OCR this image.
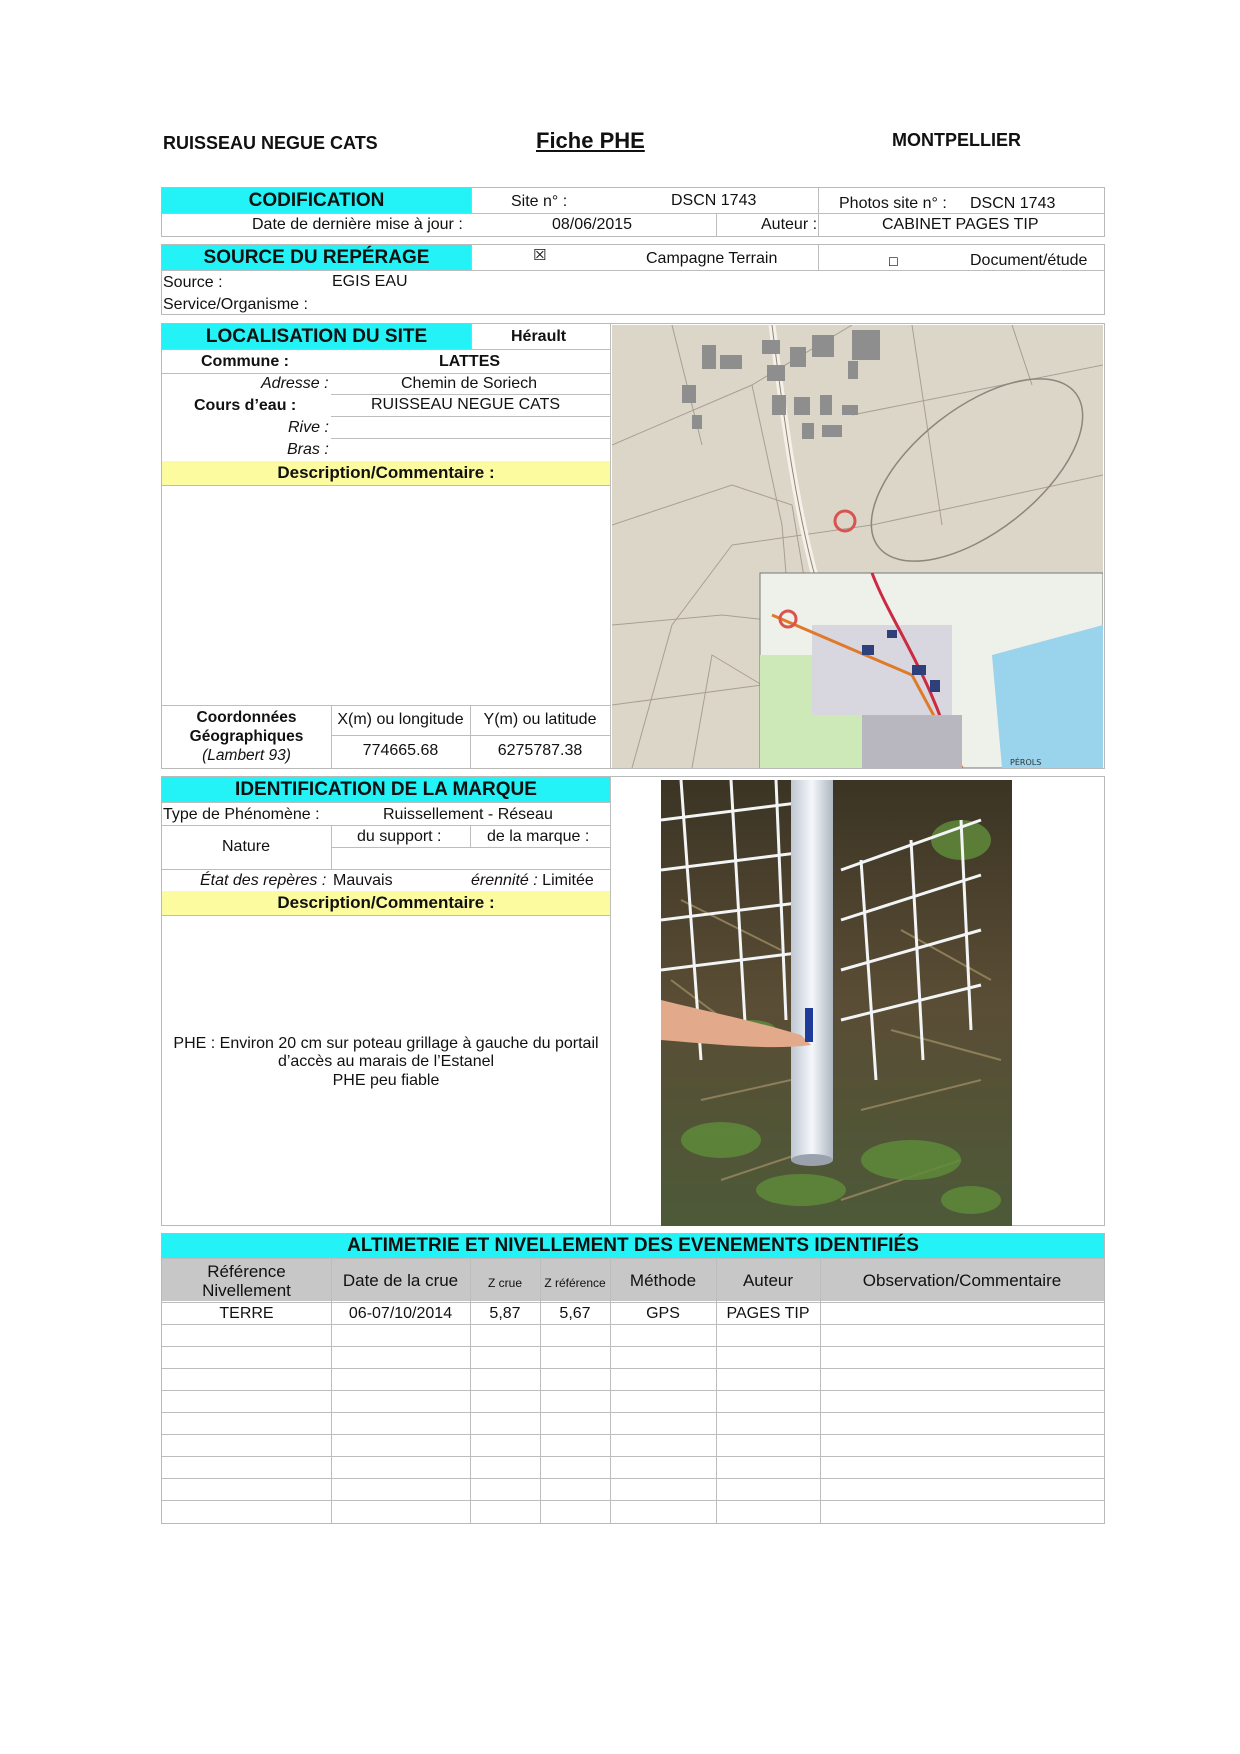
RUISSEAU NEGUE CATS	Fiche PHE	MONTPELLIER
CODIFICATION	Site n° :	DSCN 1743	Photos site n° : DSCN 1743
Date de dernière mise à jour :	08/06/2015	Auteur :	CABINET PAGES TIP
SOURCE DU REPÉRAGE	☒	Campagne Terrain	☐	Document/étude
Source :	EGIS EAU
Service/Organisme :
LOCALISATION DU SITE	Hérault
Commune :	LATTES
Adresse :	Chemin de Soriech
Cours d’eau :	RUISSEAU NEGUE CATS
Rive :
Bras :
Description/Commentaire :
Coordonnées
Géographiques
(Lambert 93)
X(m) ou longitude	Y(m) ou latitude
774665.68	6275787.38
PÉROLS
IDENTIFICATION DE LA MARQUE
Type de Phénomène :	Ruissellement - Réseau
du support :	de la marque :
Nature
État des repères : Mauvais	érennité : Limitée
Description/Commentaire :
PHE : Environ 20 cm sur poteau grillage à gauche du portail
d’accès au marais de l’Estanel
PHE peu fiable
ALTIMETRIE ET NIVELLEMENT DES EVENEMENTS IDENTIFIÉS
Référence
Nivellement
Date de la crue	Z crue	Z référence	Méthode	Auteur	Observation/Commentaire
TERRE	06-07/10/2014	5,87	5,67	GPS	PAGES TIP
